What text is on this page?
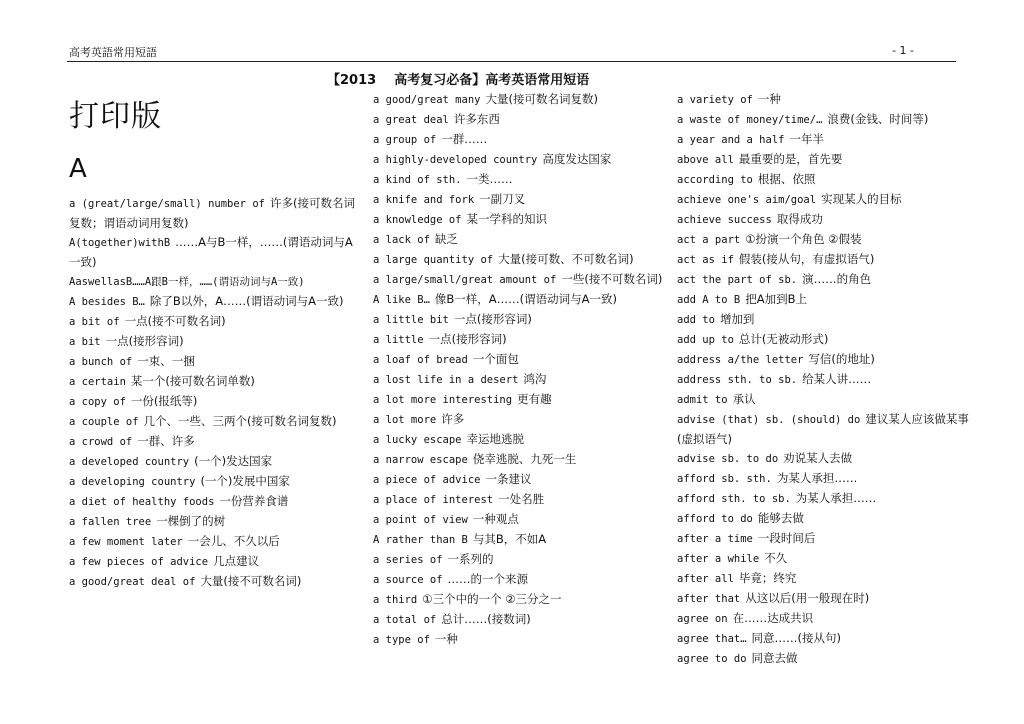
高考英語常用短語	- 1 -
【2013    高考复习必备】高考英语常用短语
打印版
A
a (great/large/small) number of 许多(接可数名词复数；谓语动词用复数)
A(together)withB ……A与B一样，……(谓语动词与A一致)
AaswellasB……A跟B一样，……(谓语动词与A一致)
A besides B… 除了B以外，A……(谓语动词与A一致)
a bit of 一点(接不可数名词)
a bit 一点(接形容词)
a bunch of 一束、一捆
a certain 某一个(接可数名词单数)
a copy of 一份(报纸等)
a couple of 几个、一些、三两个(接可数名词复数)
a crowd of 一群、许多
a developed country (一个)发达国家
a developing country (一个)发展中国家
a diet of healthy foods 一份营养食谱
a fallen tree 一棵倒了的树
a few moment later 一会儿、不久以后
a few pieces of advice 几点建议
a good/great deal of 大量(接不可数名词)
a good/great many 大量(接可数名词复数)
a great deal 许多东西
a group of 一群……
a highly-developed country 高度发达国家
a kind of sth. 一类……
a knife and fork 一副刀叉
a knowledge of 某一学科的知识
a lack of 缺乏
a large quantity of 大量(接可数、不可数名词)
a large/small/great amount of 一些(接不可数名词)
A like B… 像B一样，A……(谓语动词与A一致)
a little bit 一点(接形容词)
a little 一点(接形容词)
a loaf of bread 一个面包
a lost life in a desert 鸿沟
a lot more interesting 更有趣
a lot more 许多
a lucky escape 幸运地逃脱
a narrow escape 侥幸逃脱、九死一生
a piece of advice 一条建议
a place of interest 一处名胜
a point of view 一种观点
A rather than B 与其B，不如A
a series of 一系列的
a source of ……的一个来源
a third ①三个中的一个 ②三分之一
a total of 总计……(接数词)
a type of 一种
a variety of 一种
a waste of money/time/… 浪费(金钱、时间等)
a year and a half 一年半
above all 最重要的是，首先要
according to 根据、依照
achieve one's aim/goal 实现某人的目标
achieve success 取得成功
act a part ①扮演一个角色 ②假装
act as if 假装(接从句，有虚拟语气)
act the part of sb. 演……的角色
add A to B 把A加到B上
add to 增加到
add up to 总计(无被动形式)
address a/the letter 写信(的地址)
address sth. to sb. 给某人讲……
admit to 承认
advise (that) sb. (should) do 建议某人应该做某事(虚拟语气)
advise sb. to do 劝说某人去做
afford sb. sth. 为某人承担……
afford sth. to sb. 为某人承担……
afford to do 能够去做
after a time 一段时间后
after a while 不久
after all 毕竟；终究
after that 从这以后(用一般现在时)
agree on 在……达成共识
agree that… 同意……(接从句)
agree to do 同意去做
